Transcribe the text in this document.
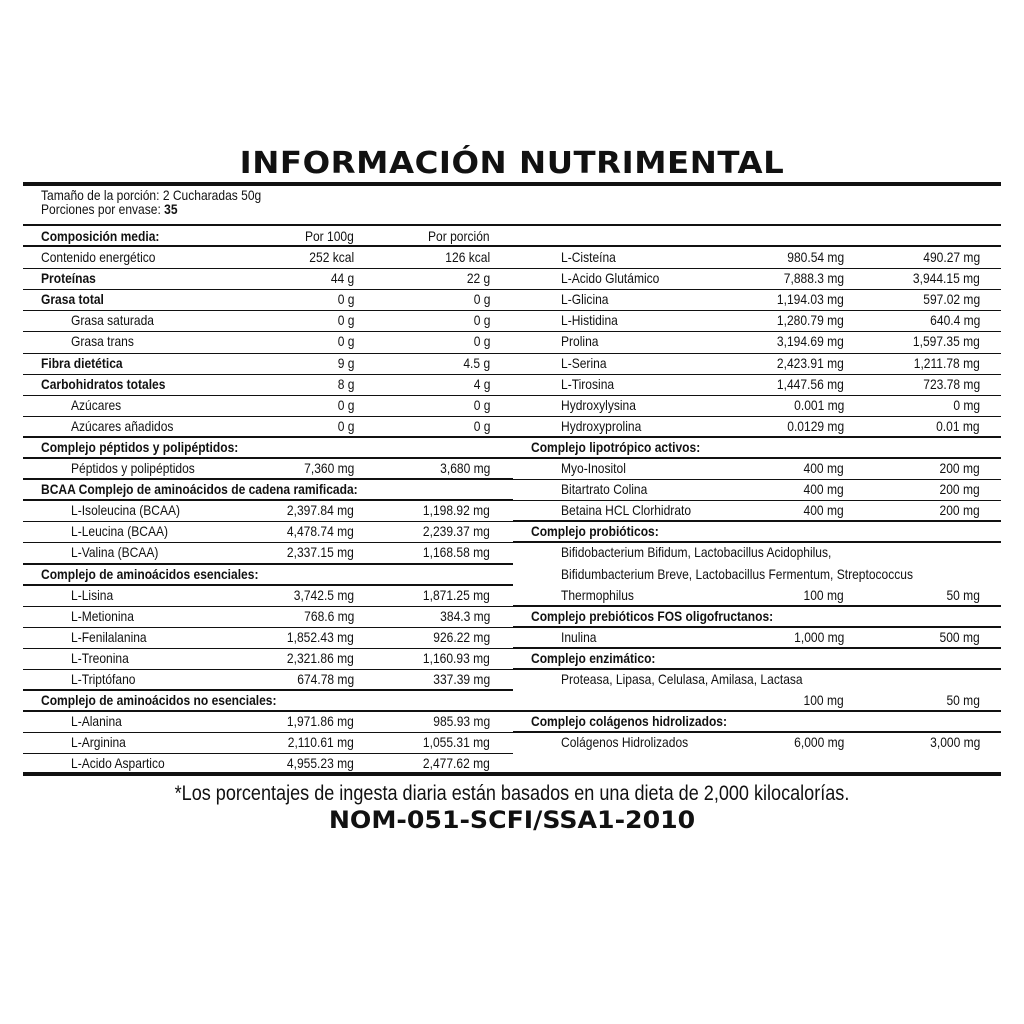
INFORMACIÓN NUTRIMENTAL
Tamaño de la porción: 2 Cucharadas 50g
Porciones por envase: 35
Composición media:	Por 100g	Por porción
Contenido energético	252 kcal	126 kcal
Proteínas	44 g	22 g
Grasa total	0 g	0 g
Grasa saturada	0 g	0 g
Grasa trans	0 g	0 g
Fibra dietética	9 g	4.5 g
Carbohidratos totales	8 g	4 g
Azúcares	0 g	0 g
Azúcares añadidos	0 g	0 g
Complejo péptidos y polipéptidos:
Péptidos y polipéptidos	7,360 mg	3,680 mg
BCAA Complejo de aminoácidos de cadena ramificada:
L-Isoleucina (BCAA)	2,397.84 mg	1,198.92 mg
L-Leucina (BCAA)	4,478.74 mg	2,239.37 mg
L-Valina (BCAA)	2,337.15 mg	1,168.58 mg
Complejo de aminoácidos esenciales:
L-Lisina	3,742.5 mg	1,871.25 mg
L-Metionina	768.6 mg	384.3 mg
L-Fenilalanina	1,852.43 mg	926.22 mg
L-Treonina	2,321.86 mg	1,160.93 mg
L-Triptófano	674.78 mg	337.39 mg
Complejo de aminoácidos no esenciales:
L-Alanina	1,971.86 mg	985.93 mg
L-Arginina	2,110.61 mg	1,055.31 mg
L-Acido Aspartico	4,955.23 mg	2,477.62 mg
L-Cisteína	980.54 mg	490.27 mg
L-Acido Glutámico	7,888.3 mg	3,944.15 mg
L-Glicina	1,194.03 mg	597.02 mg
L-Histidina	1,280.79 mg	640.4 mg
Prolina	3,194.69 mg	1,597.35 mg
L-Serina	2,423.91 mg	1,211.78 mg
L-Tirosina	1,447.56 mg	723.78 mg
Hydroxylysina	0.001 mg	0 mg
Hydroxyprolina	0.0129 mg	0.01 mg
Complejo lipotrópico activos:
Myo-Inositol	400 mg	200 mg
Bitartrato Colina	400 mg	200 mg
Betaina HCL Clorhidrato	400 mg	200 mg
Complejo probióticos:
Bifidobacterium Bifidum, Lactobacillus Acidophilus,
Bifidumbacterium Breve, Lactobacillus Fermentum, Streptococcus
Thermophilus	100 mg	50 mg
Complejo prebióticos FOS oligofructanos:
Inulina	1,000 mg	500 mg
Complejo enzimático:
Proteasa, Lipasa, Celulasa, Amilasa, Lactasa
100 mg	50 mg
Complejo colágenos hidrolizados:
Colágenos Hidrolizados	6,000 mg	3,000 mg
*Los porcentajes de ingesta diaria están basados en una dieta de 2,000 kilocalorías.
NOM-051-SCFI/SSA1-2010
